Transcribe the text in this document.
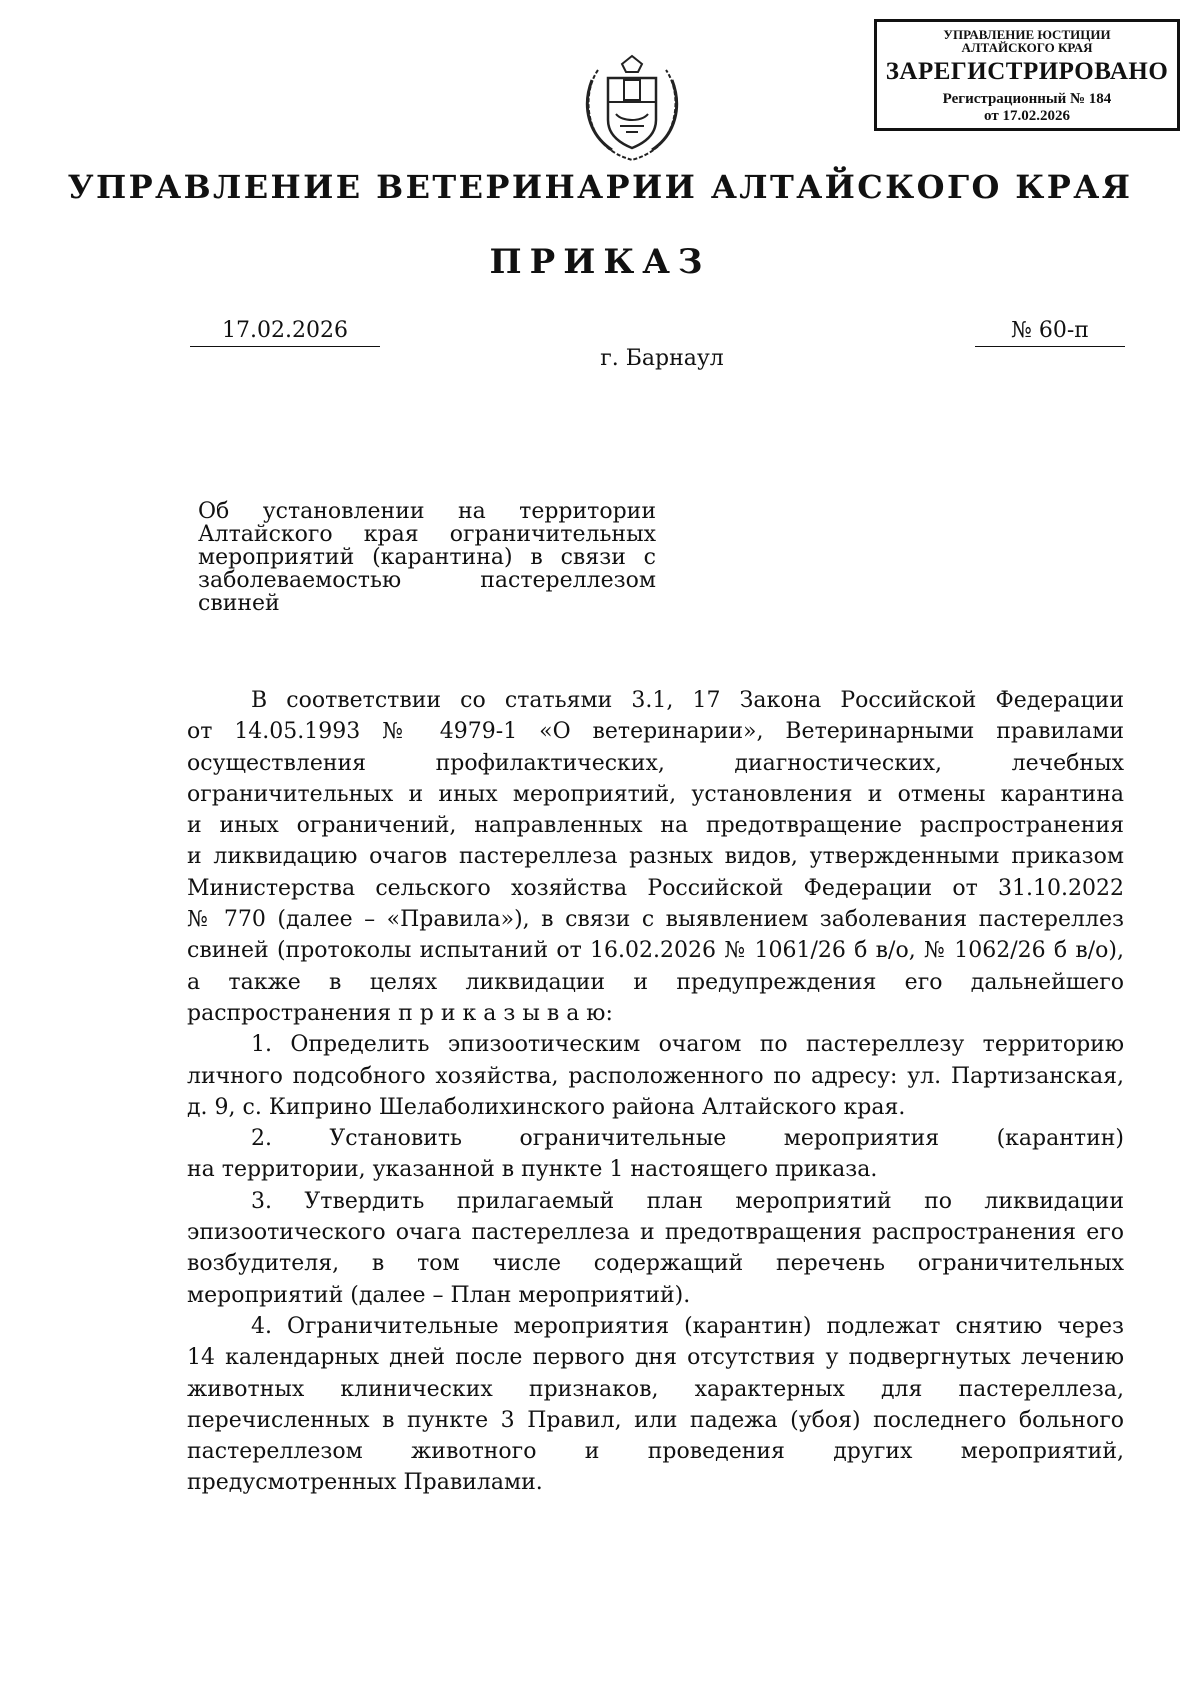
УПРАВЛЕНИЕ ЮСТИЦИИ
АЛТАЙСКОГО КРАЯ
ЗАРЕГИСТРИРОВАНО
Регистрационный № 184
от 17.02.2026
УПРАВЛЕНИЕ ВЕТЕРИНАРИИ АЛТАЙСКОГО КРАЯ
ПРИКАЗ
17.02.2026	№ 60-п
г. Барнаул
Об установлении на территории
Алтайского края ограничительных
мероприятий (карантина) в связи с
заболеваемостью пастереллезом
свиней
В соответствии со статьями 3.1, 17 Закона Российской Федерации
от 14.05.1993 № 4979-1 «О ветеринарии», Ветеринарными правилами
осуществления профилактических, диагностических, лечебных
ограничительных и иных мероприятий, установления и отмены карантина
и иных ограничений, направленных на предотвращение распространения
и ликвидацию очагов пастереллеза разных видов, утвержденными приказом
Министерства сельского хозяйства Российской Федерации от 31.10.2022
№ 770 (далее – «Правила»), в связи с выявлением заболевания пастереллез
свиней (протоколы испытаний от 16.02.2026 № 1061/26 б в/о, № 1062/26 б в/о),
а также в целях ликвидации и предупреждения его дальнейшего
распространения п р и к а з ы в а ю:
1. Определить эпизоотическим очагом по пастереллезу территорию
личного подсобного хозяйства, расположенного по адресу: ул. Партизанская,
д. 9, с. Киприно Шелаболихинского района Алтайского края.
2. Установить ограничительные мероприятия (карантин)
на территории, указанной в пункте 1 настоящего приказа.
3. Утвердить прилагаемый план мероприятий по ликвидации
эпизоотического очага пастереллеза и предотвращения распространения его
возбудителя, в том числе содержащий перечень ограничительных
мероприятий (далее – План мероприятий).
4. Ограничительные мероприятия (карантин) подлежат снятию через
14 календарных дней после первого дня отсутствия у подвергнутых лечению
животных клинических признаков, характерных для пастереллеза,
перечисленных в пункте 3 Правил, или падежа (убоя) последнего больного
пастереллезом животного и проведения других мероприятий,
предусмотренных Правилами.
